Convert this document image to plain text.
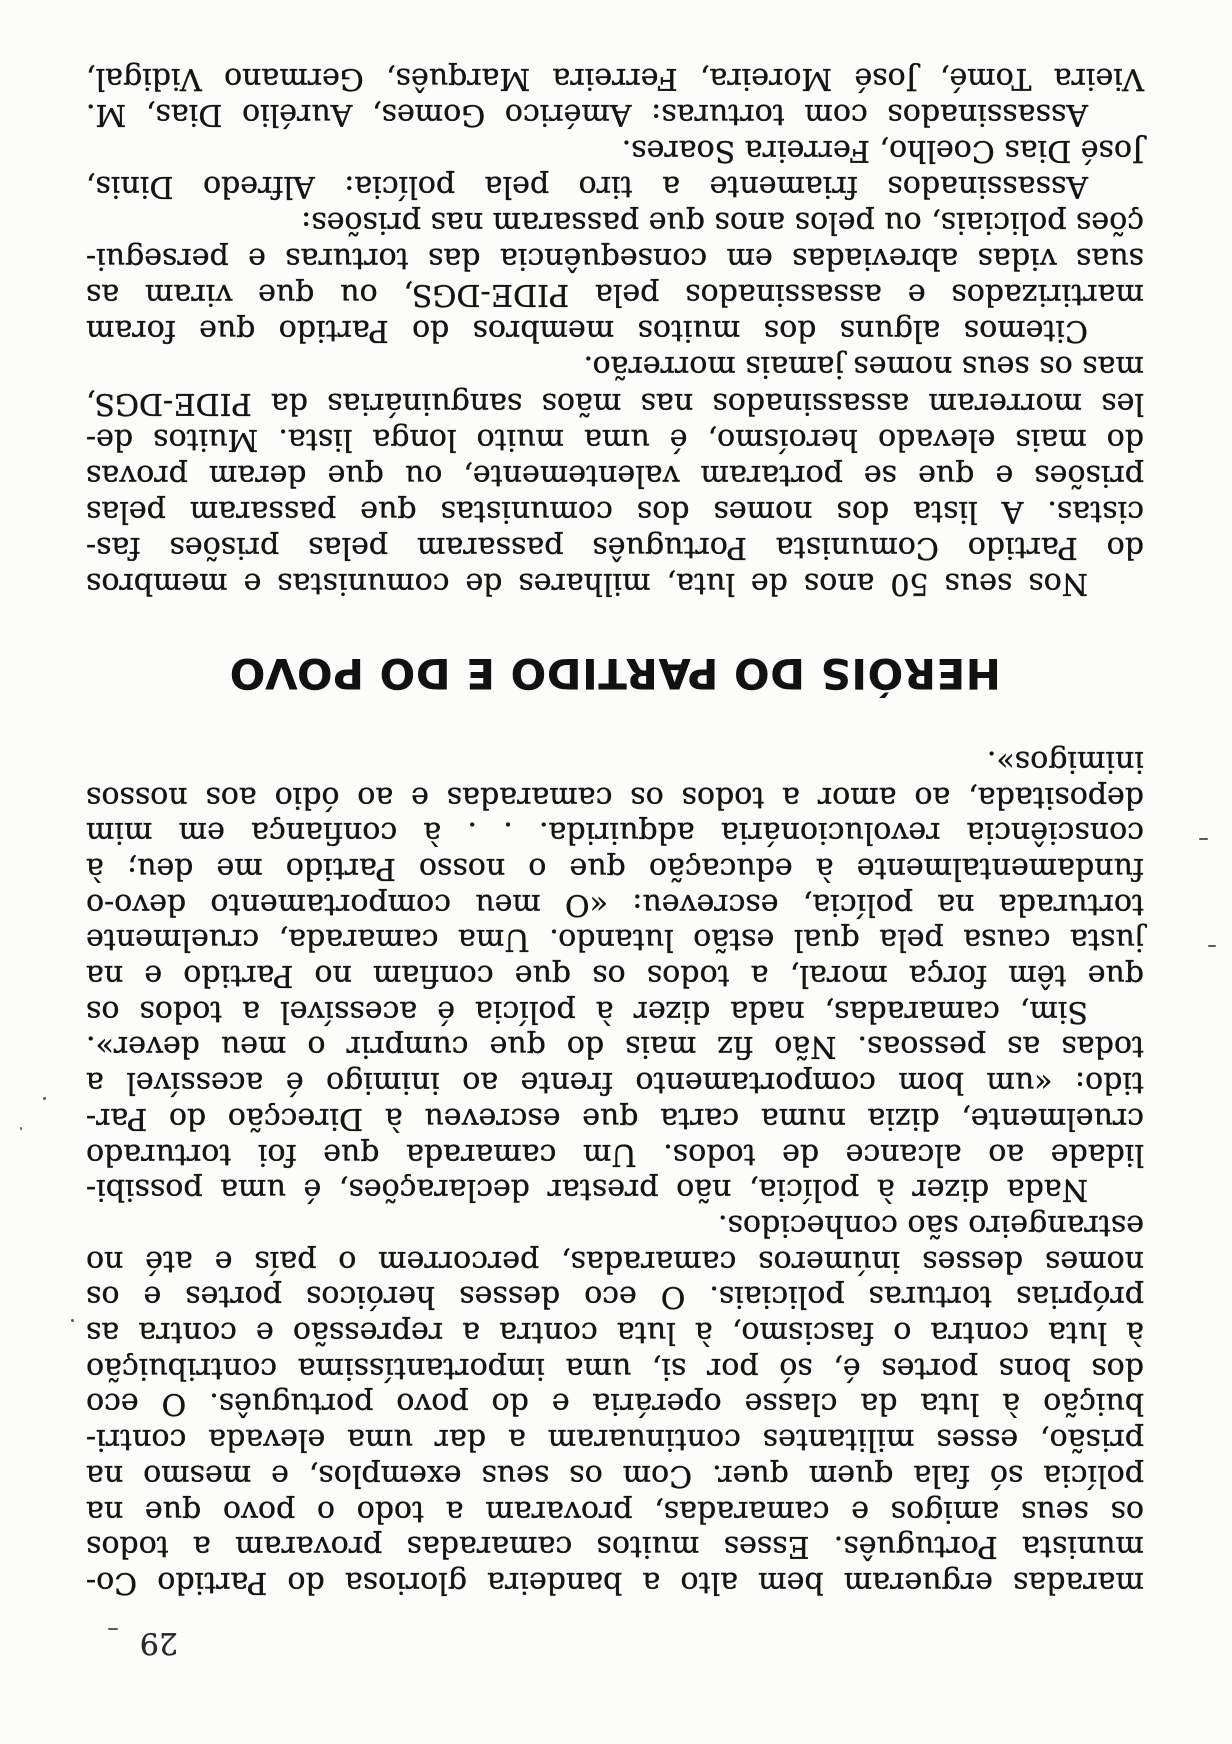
29
maradas ergueram bem alto a bandeira gloriosa do Partido Co-
munista Português. Esses muitos camaradas provaram a todos
os seus amigos e camaradas, provaram a todo o povo que na
polícia só fala quem quer. Com os seus exemplos, e mesmo na
prisão, esses militantes continuaram a dar uma elevada contri-
buição à luta da classe operária e do povo português. O eco
dos bons portes é, só por si, uma importantíssima contribuição
à luta contra o fascismo, à luta contra a repressão e contra as
próprias torturas policiais. O eco desses heróicos portes e os
nomes desses inúmeros camaradas, percorrem o país e até no
estrangeiro são conhecidos.
Nada dizer à polícia, não prestar declarações, é uma possibi-
lidade ao alcance de todos. Um camarada que foi torturado
cruelmente, dizia numa carta que escreveu à Direcção do Par-
tido: «um bom comportamento frente ao inimigo é acessível a
todas as pessoas. Não fiz mais do que cumprir o meu dever».
Sim, camaradas, nada dizer à polícia é acessível a todos os
que têm força moral, a todos os que confiam no Partido e na
justa causa pela qual estão lutando. Uma camarada, cruelmente
torturada na polícia, escreveu: «O meu comportamento devo-o
fundamentalmente à educação que o nosso Partido me deu; à
consciência revolucionária adquirida. . . à confiança em mim
depositada, ao amor a todos os camaradas e ao ódio aos nossos
inimigos».
HERÓIS DO PARTIDO E DO POVO
Nos seus 50 anos de luta, milhares de comunistas e membros
do Partido Comunista Português passaram pelas prisões fas-
cistas. A lista dos nomes dos comunistas que passaram pelas
prisões e que se portaram valentemente, ou que deram provas
do mais elevado heroísmo, é uma muito longa lista. Muitos de-
les morreram assassinados nas mãos sanguinárias da PIDE-DGS,
mas os seus nomes jamais morrerão.
Citemos alguns dos muitos membros do Partido que foram
martirizados e assassinados pela PIDE-DGS, ou que viram as
suas vidas abreviadas em consequência das torturas e persegui-
ções policiais, ou pelos anos que passaram nas prisões:
Assassinados friamente a tiro pela polícia: Alfredo Dinis,
José Dias Coelho, Ferreira Soares.
Assassinados com torturas: Américo Gomes, Aurélio Dias, M.
Vieira Tomé, José Moreira, Ferreira Marquês, Germano Vidigal,
